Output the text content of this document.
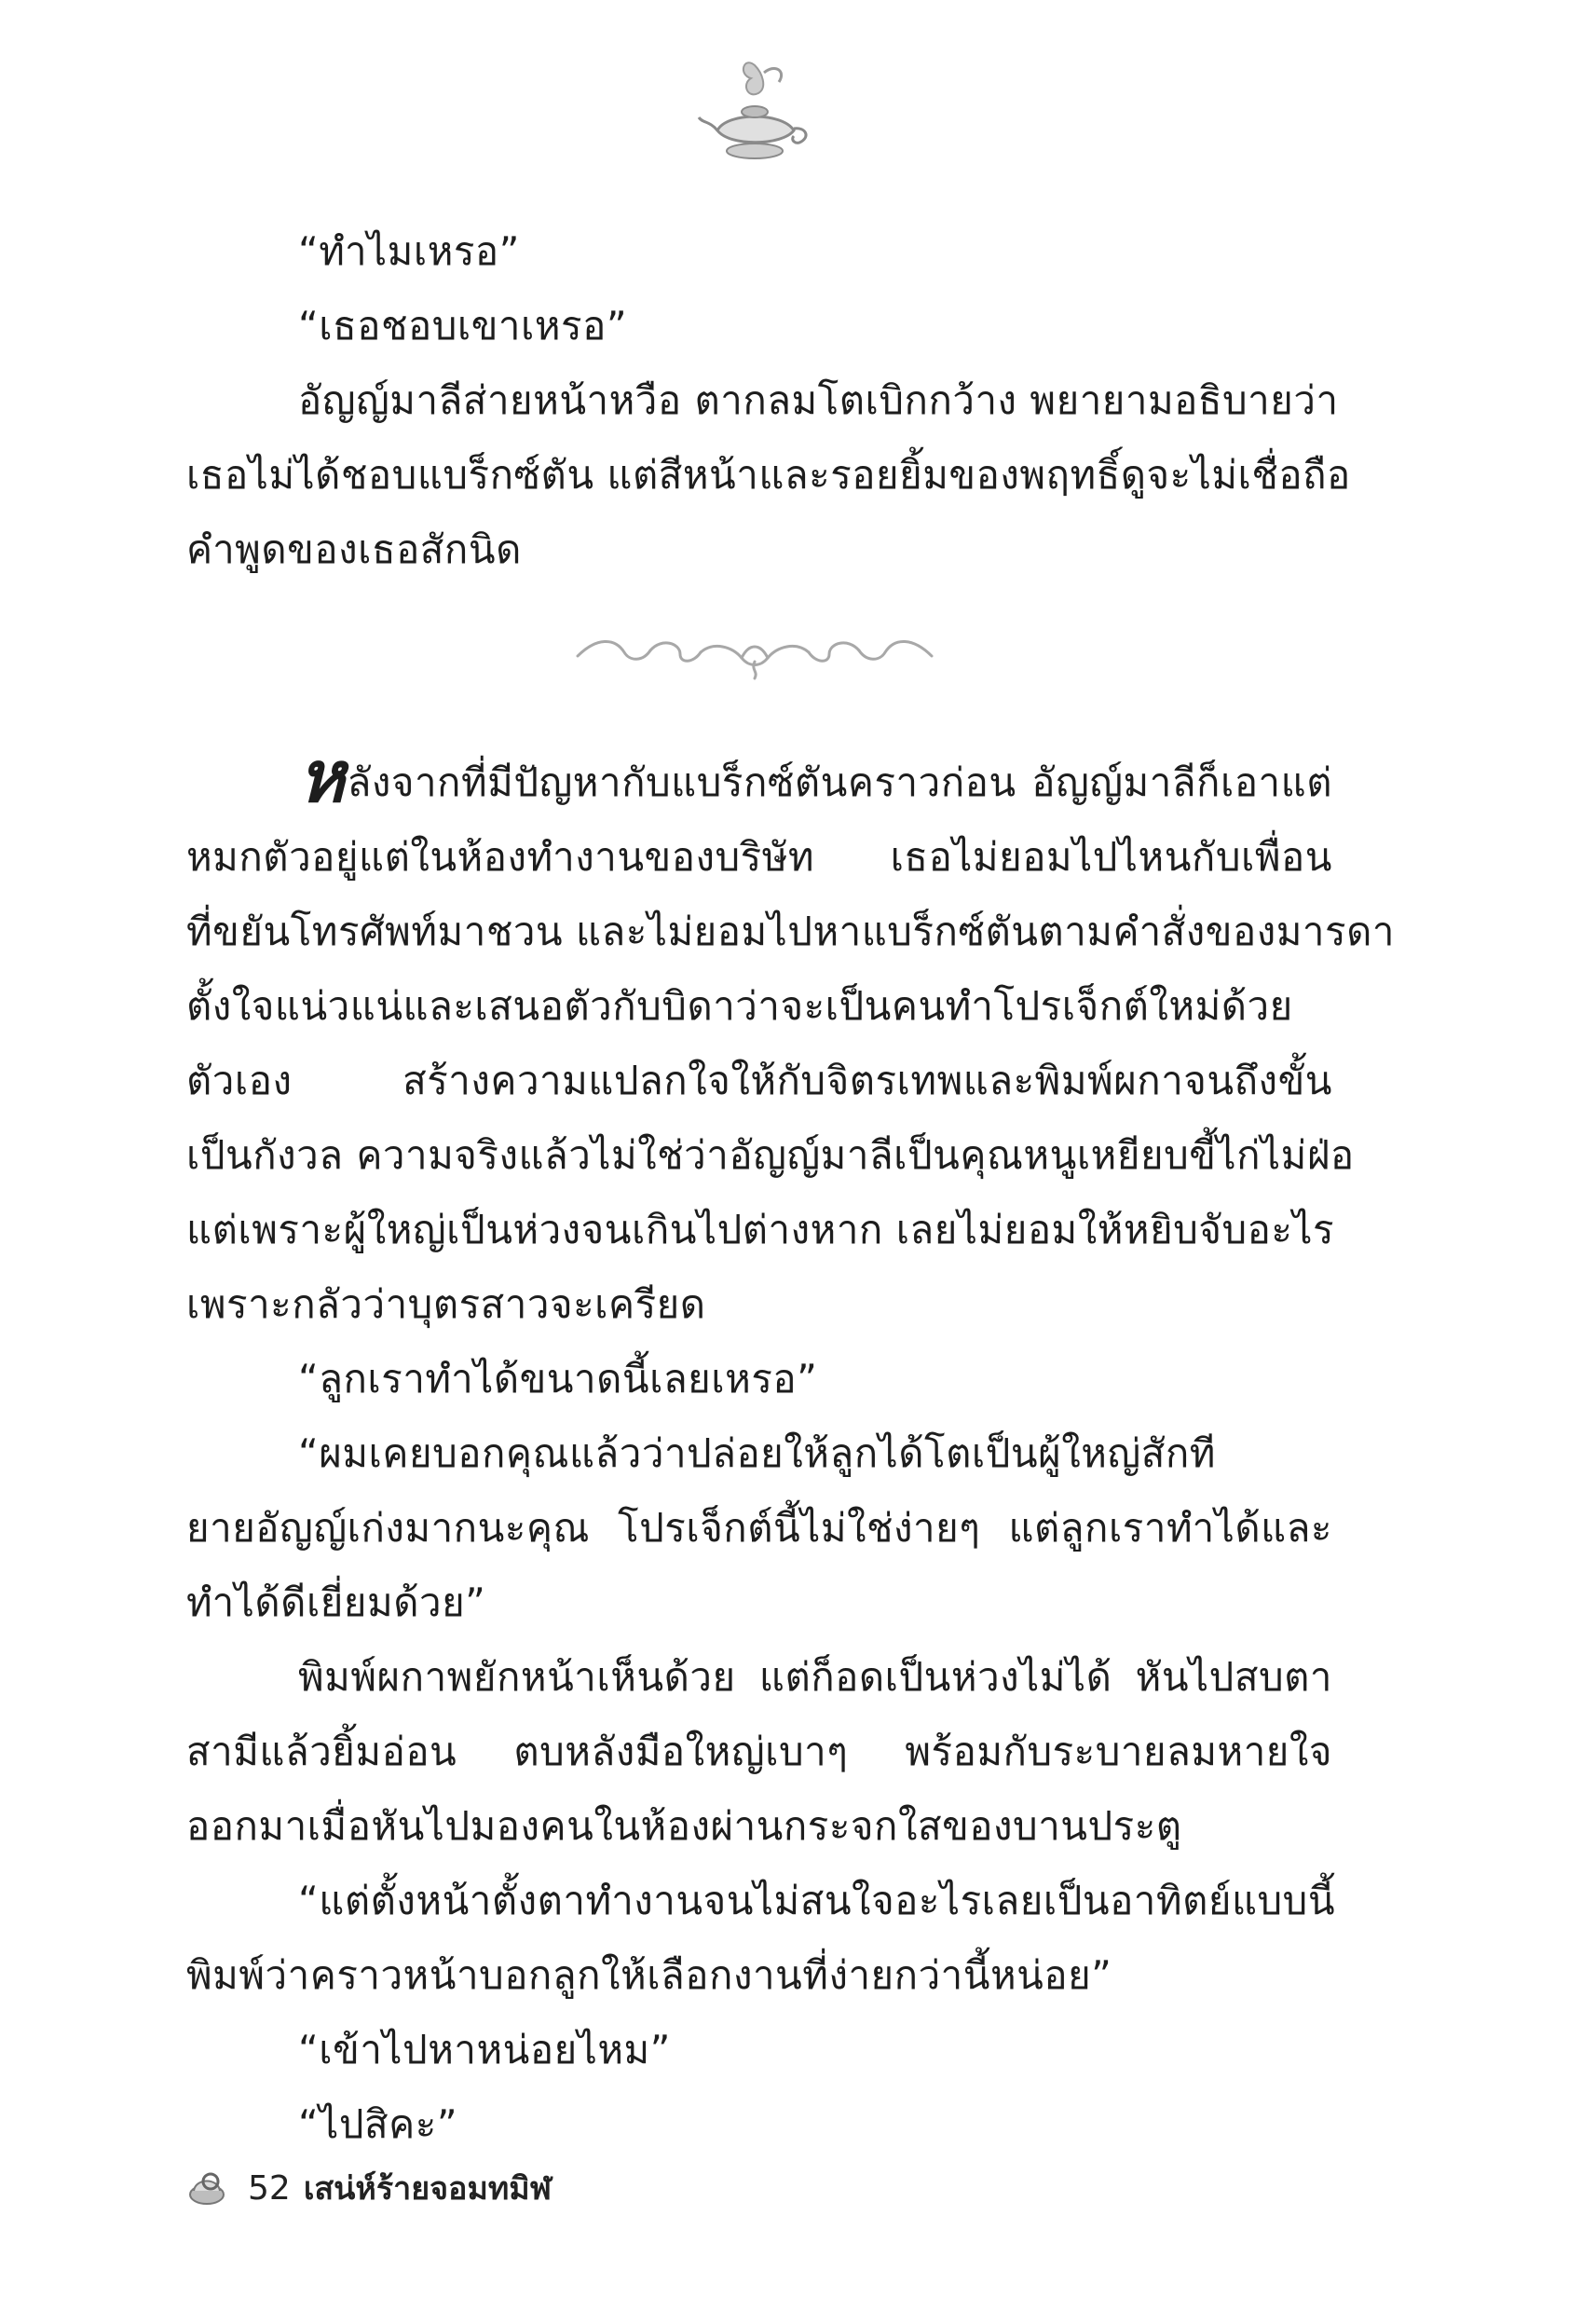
“ทำไมเหรอ”
“เธอชอบเขาเหรอ”
อัญญ์มาลีส่ายหน้าหวือ ตากลมโตเบิกกว้าง พยายามอธิบายว่า
เธอไม่ได้ชอบแบร็กซ์ตัน แต่สีหน้าและรอยยิ้มของพฤทธิ์ดูจะไม่เชื่อถือ
คำพูดของเธอสักนิด
หลังจากที่มีปัญหากับแบร็กซ์ตันคราวก่อน อัญญ์มาลีก็เอาแต่
หมกตัวอยู่แต่ในห้องทำงานของบริษัท เธอไม่ยอมไปไหนกับเพื่อน
ที่ขยันโทรศัพท์มาชวน และไม่ยอมไปหาแบร็กซ์ตันตามคำสั่งของมารดา
ตั้งใจแน่วแน่และเสนอตัวกับบิดาว่าจะเป็นคนทำโปรเจ็กต์ใหม่ด้วย
ตัวเอง สร้างความแปลกใจให้กับจิตรเทพและพิมพ์ผกาจนถึงขั้น
เป็นกังวล ความจริงแล้วไม่ใช่ว่าอัญญ์มาลีเป็นคุณหนูเหยียบขี้ไก่ไม่ฝ่อ
แต่เพราะผู้ใหญ่เป็นห่วงจนเกินไปต่างหาก เลยไม่ยอมให้หยิบจับอะไร
เพราะกลัวว่าบุตรสาวจะเครียด
“ลูกเราทำได้ขนาดนี้เลยเหรอ”
“ผมเคยบอกคุณแล้วว่าปล่อยให้ลูกได้โตเป็นผู้ใหญ่สักที
ยายอัญญ์เก่งมากนะคุณ โปรเจ็กต์นี้ไม่ใช่ง่ายๆ แต่ลูกเราทำได้และ
ทำได้ดีเยี่ยมด้วย”
พิมพ์ผกาพยักหน้าเห็นด้วย แต่ก็อดเป็นห่วงไม่ได้ หันไปสบตา
สามีแล้วยิ้มอ่อน ตบหลังมือใหญ่เบาๆ พร้อมกับระบายลมหายใจ
ออกมาเมื่อหันไปมองคนในห้องผ่านกระจกใสของบานประตู
“แต่ตั้งหน้าตั้งตาทำงานจนไม่สนใจอะไรเลยเป็นอาทิตย์แบบนี้
พิมพ์ว่าคราวหน้าบอกลูกให้เลือกงานที่ง่ายกว่านี้หน่อย”
“เข้าไปหาหน่อยไหม”
“ไปสิคะ”
52 เสน่ห์ร้ายจอมทมิฬ
